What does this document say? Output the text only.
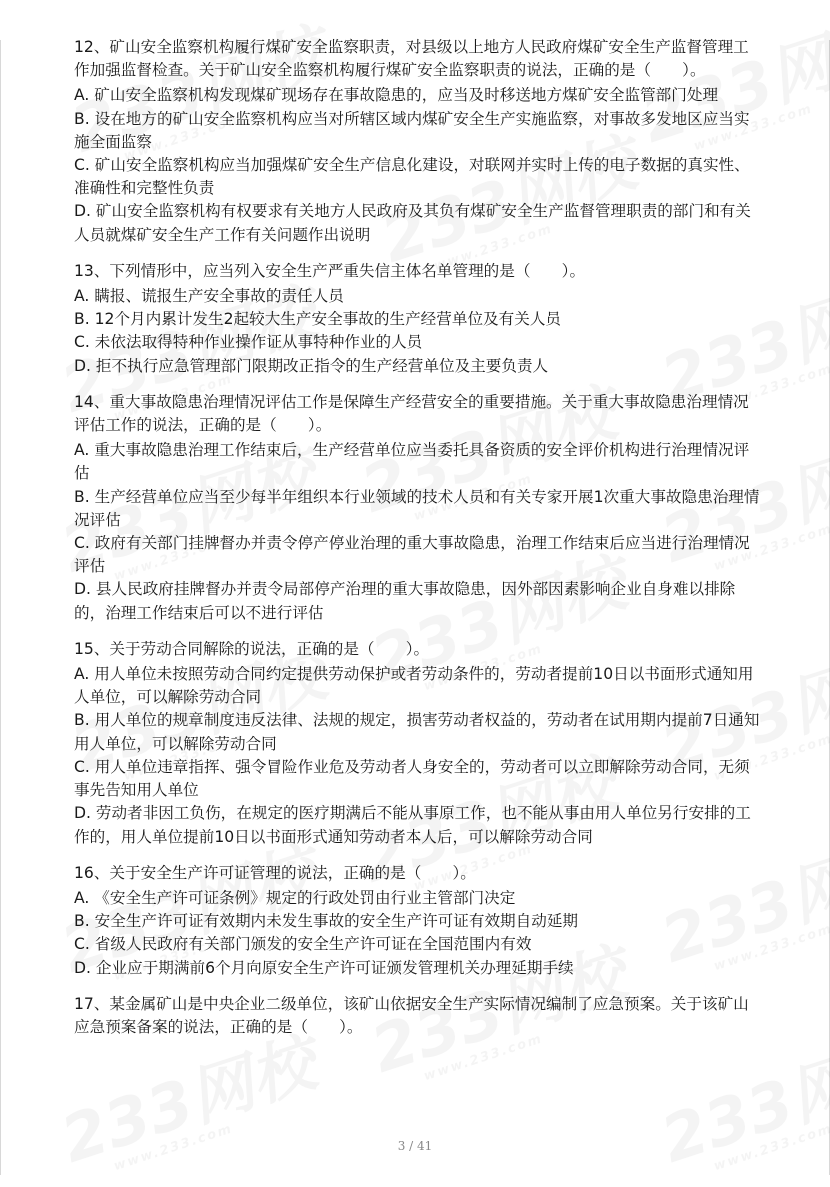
12、矿山安全监察机构履行煤矿安全监察职责，对县级以上地方人民政府煤矿安全生产监督管理工作加强监督检查。关于矿山安全监察机构履行煤矿安全监察职责的说法，正确的是（　　）。
A. 矿山安全监察机构发现煤矿现场存在事故隐患的，应当及时移送地方煤矿安全监管部门处理
B. 设在地方的矿山安全监察机构应当对所辖区域内煤矿安全生产实施监察，对事故多发地区应当实施全面监察
C. 矿山安全监察机构应当加强煤矿安全生产信息化建设，对联网并实时上传的电子数据的真实性、准确性和完整性负责
D. 矿山安全监察机构有权要求有关地方人民政府及其负有煤矿安全生产监督管理职责的部门和有关人员就煤矿安全生产工作有关问题作出说明
13、下列情形中，应当列入安全生产严重失信主体名单管理的是（　　）。
A. 瞒报、谎报生产安全事故的责任人员
B. 12个月内累计发生2起较大生产安全事故的生产经营单位及有关人员
C. 未依法取得特种作业操作证从事特种作业的人员
D. 拒不执行应急管理部门限期改正指令的生产经营单位及主要负责人
14、重大事故隐患治理情况评估工作是保障生产经营安全的重要措施。关于重大事故隐患治理情况评估工作的说法，正确的是（　　）。
A. 重大事故隐患治理工作结束后，生产经营单位应当委托具备资质的安全评价机构进行治理情况评估
B. 生产经营单位应当至少每半年组织本行业领域的技术人员和有关专家开展1次重大事故隐患治理情况评估
C. 政府有关部门挂牌督办并责令停产停业治理的重大事故隐患，治理工作结束后应当进行治理情况评估
D. 县人民政府挂牌督办并责令局部停产治理的重大事故隐患，因外部因素影响企业自身难以排除的，治理工作结束后可以不进行评估
15、关于劳动合同解除的说法，正确的是（　　）。
A. 用人单位未按照劳动合同约定提供劳动保护或者劳动条件的，劳动者提前10日以书面形式通知用人单位，可以解除劳动合同
B. 用人单位的规章制度违反法律、法规的规定，损害劳动者权益的，劳动者在试用期内提前7日通知用人单位，可以解除劳动合同
C. 用人单位违章指挥、强令冒险作业危及劳动者人身安全的，劳动者可以立即解除劳动合同，无须事先告知用人单位
D. 劳动者非因工负伤，在规定的医疗期满后不能从事原工作，也不能从事由用人单位另行安排的工作的，用人单位提前10日以书面形式通知劳动者本人后，可以解除劳动合同
16、关于安全生产许可证管理的说法，正确的是（　　）。
A. 《安全生产许可证条例》规定的行政处罚由行业主管部门决定
B. 安全生产许可证有效期内未发生事故的安全生产许可证有效期自动延期
C. 省级人民政府有关部门颁发的安全生产许可证在全国范围内有效
D. 企业应于期满前6个月向原安全生产许可证颁发管理机关办理延期手续
17、某金属矿山是中央企业二级单位，该矿山依据安全生产实际情况编制了应急预案。关于该矿山应急预案备案的说法，正确的是（　　）。
3 / 41
